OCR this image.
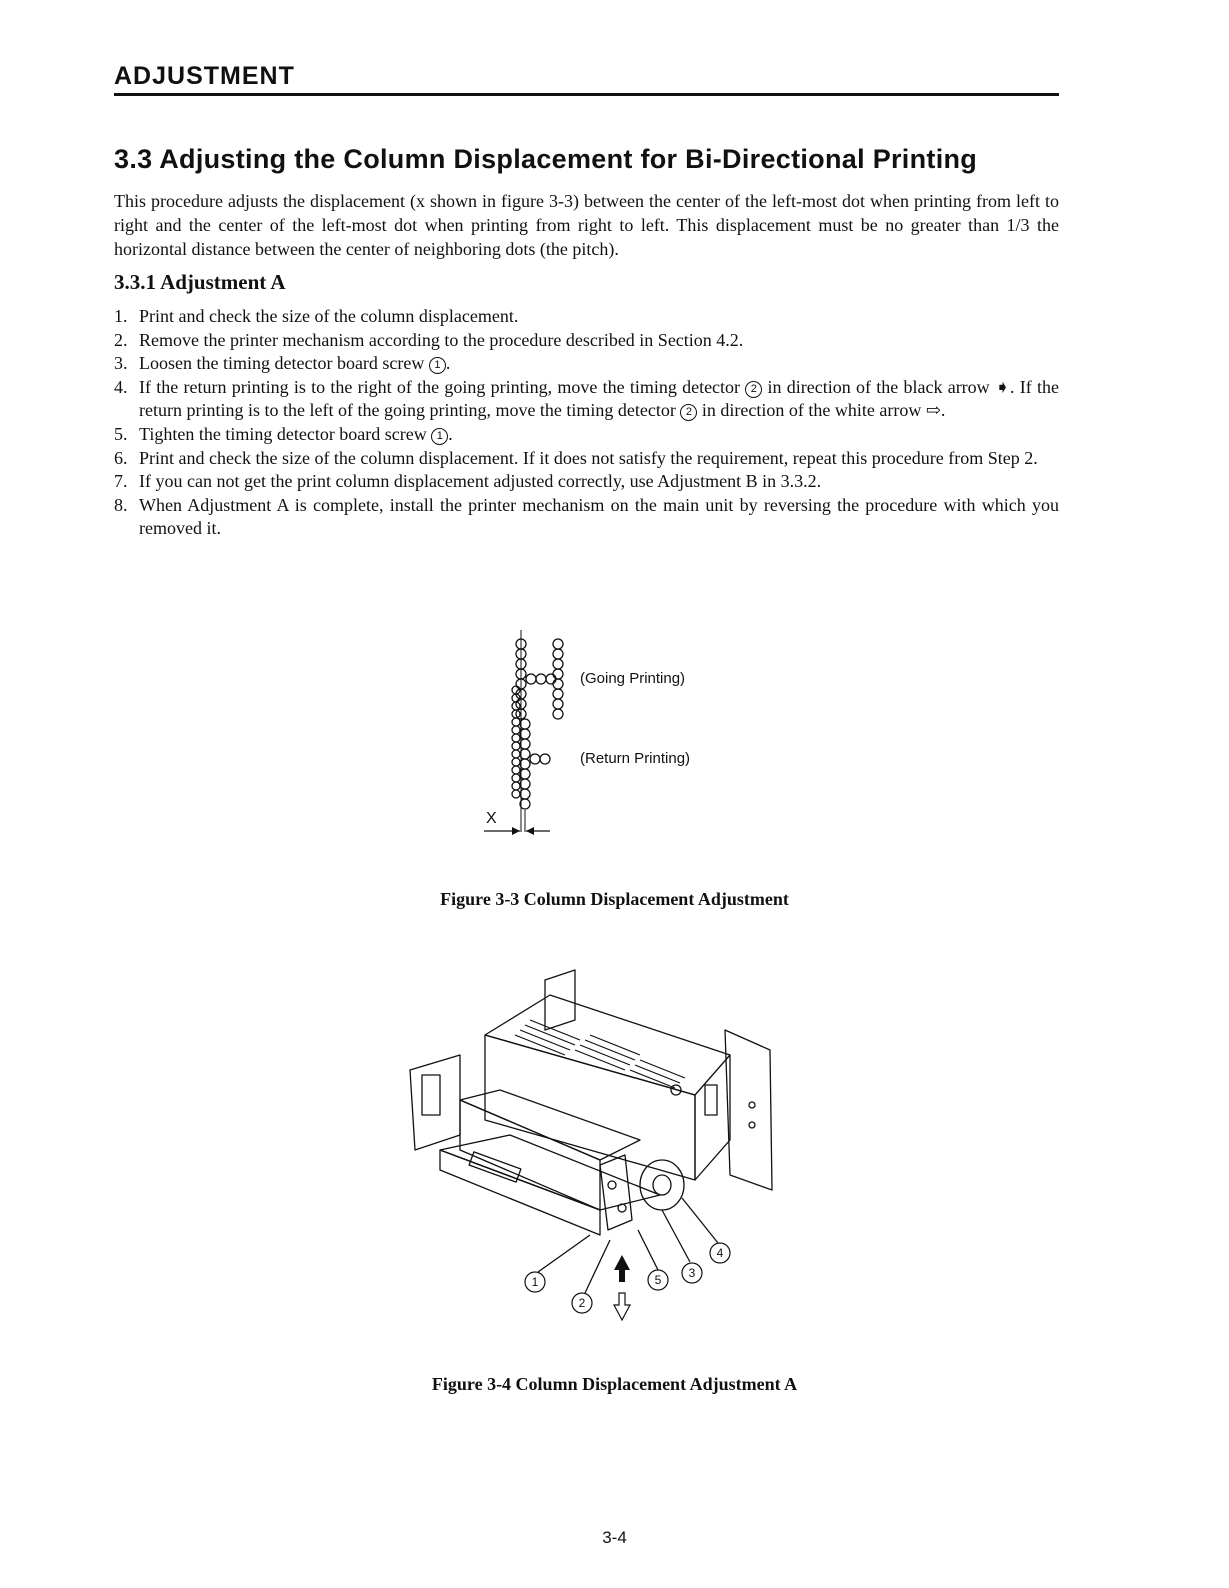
ADJUSTMENT
3.3 Adjusting the Column Displacement for Bi-Directional Printing
This procedure adjusts the displacement (x shown in figure 3-3) between the center of the left-most dot when printing from left to right and the center of the left-most dot when printing from right to left. This displacement must be no greater than 1/3 the horizontal distance between the center of neighboring dots (the pitch).
3.3.1 Adjustment A
1. Print and check the size of the column displacement.
2. Remove the printer mechanism according to the procedure described in Section 4.2.
3. Loosen the timing detector board screw 1 .
4. If the return printing is to the right of the going printing, move the timing detector 2 in direction of the black arrow ➧. If the return printing is to the left of the going printing, move the timing detector 2 in direction of the white arrow ⇨.
5. Tighten the timing detector board screw 1 .
6. Print and check the size of the column displacement. If it does not satisfy the requirement, repeat this procedure from Step 2.
7. If you can not get the print column displacement adjusted correctly, use Adjustment B in 3.3.2.
8. When Adjustment A is complete, install the printer mechanism on the main unit by reversing the procedure with which you removed it.
(Going Printing)
(Return Printing)
X
Figure 3-3 Column Displacement Adjustment
1
2
3
4
5
Figure 3-4 Column Displacement Adjustment A
3-4
